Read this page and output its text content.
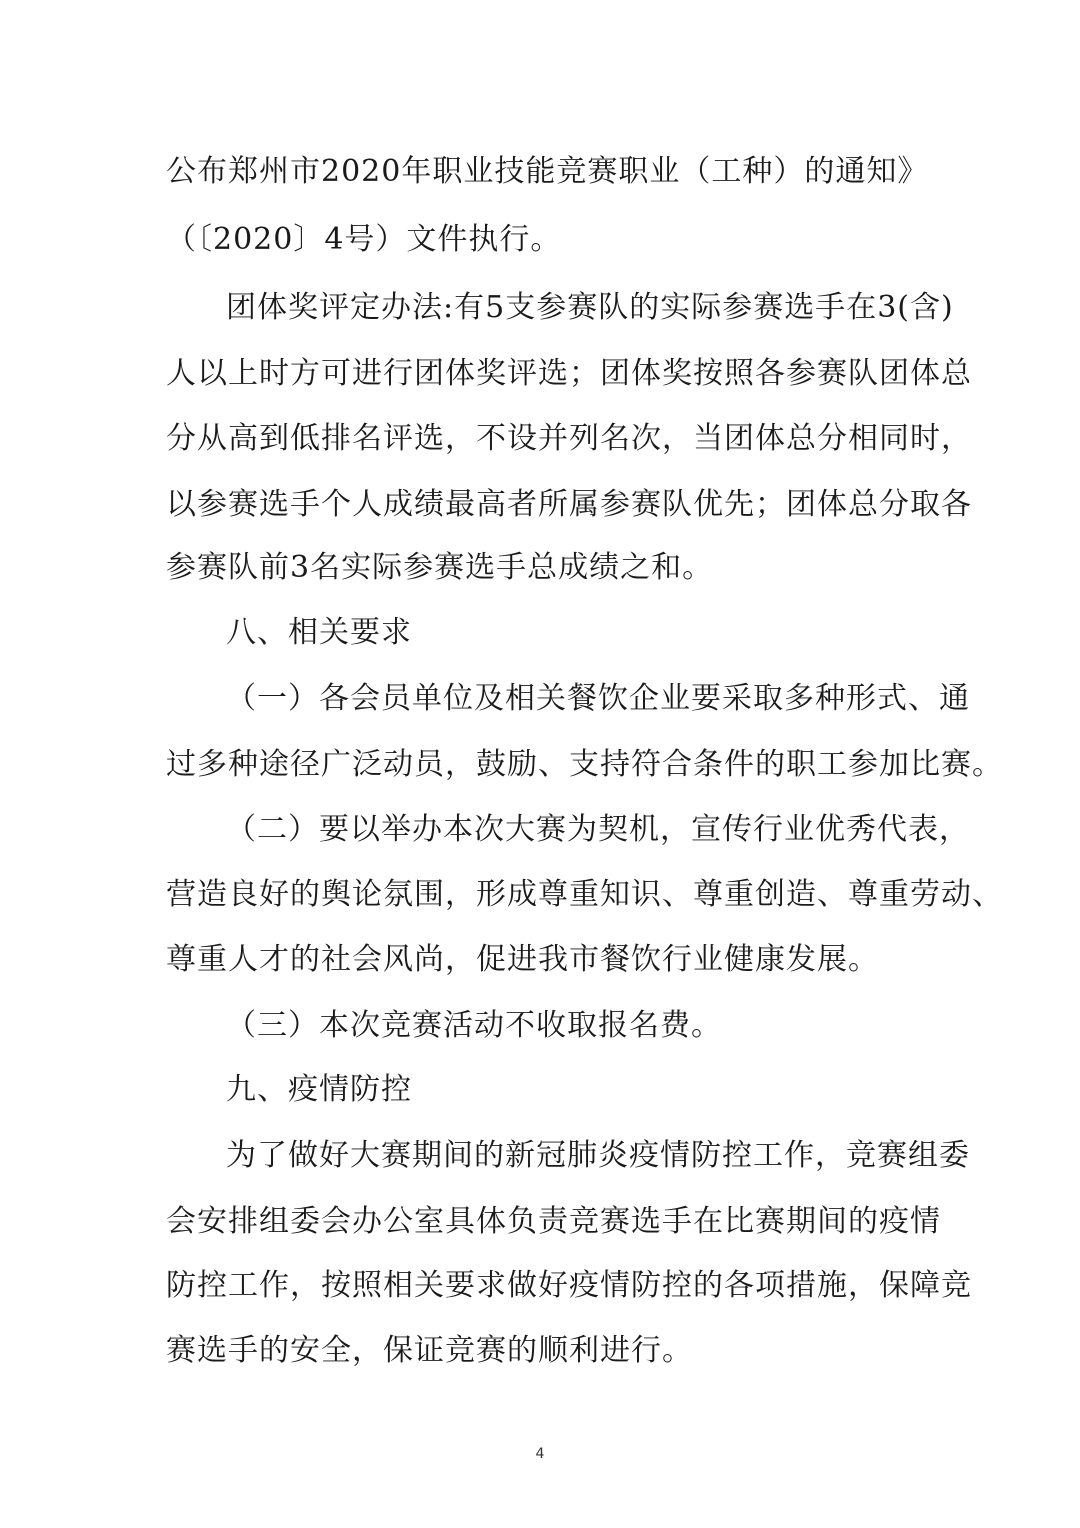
公布郑州市2020年职业技能竞赛职业（工种）的通知》
（〔2020〕4号）文件执行。
团体奖评定办法:有5支参赛队的实际参赛选手在3(含)
人以上时方可进行团体奖评选；团体奖按照各参赛队团体总
分从高到低排名评选，不设并列名次，当团体总分相同时，
以参赛选手个人成绩最高者所属参赛队优先；团体总分取各
参赛队前3名实际参赛选手总成绩之和。
八、相关要求
（一）各会员单位及相关餐饮企业要采取多种形式、通
过多种途径广泛动员，鼓励、支持符合条件的职工参加比赛。
（二）要以举办本次大赛为契机，宣传行业优秀代表，
营造良好的舆论氛围，形成尊重知识、尊重创造、尊重劳动、
尊重人才的社会风尚，促进我市餐饮行业健康发展。
（三）本次竞赛活动不收取报名费。
九、疫情防控
为了做好大赛期间的新冠肺炎疫情防控工作，竞赛组委
会安排组委会办公室具体负责竞赛选手在比赛期间的疫情
防控工作，按照相关要求做好疫情防控的各项措施，保障竞
赛选手的安全，保证竞赛的顺利进行。
4
